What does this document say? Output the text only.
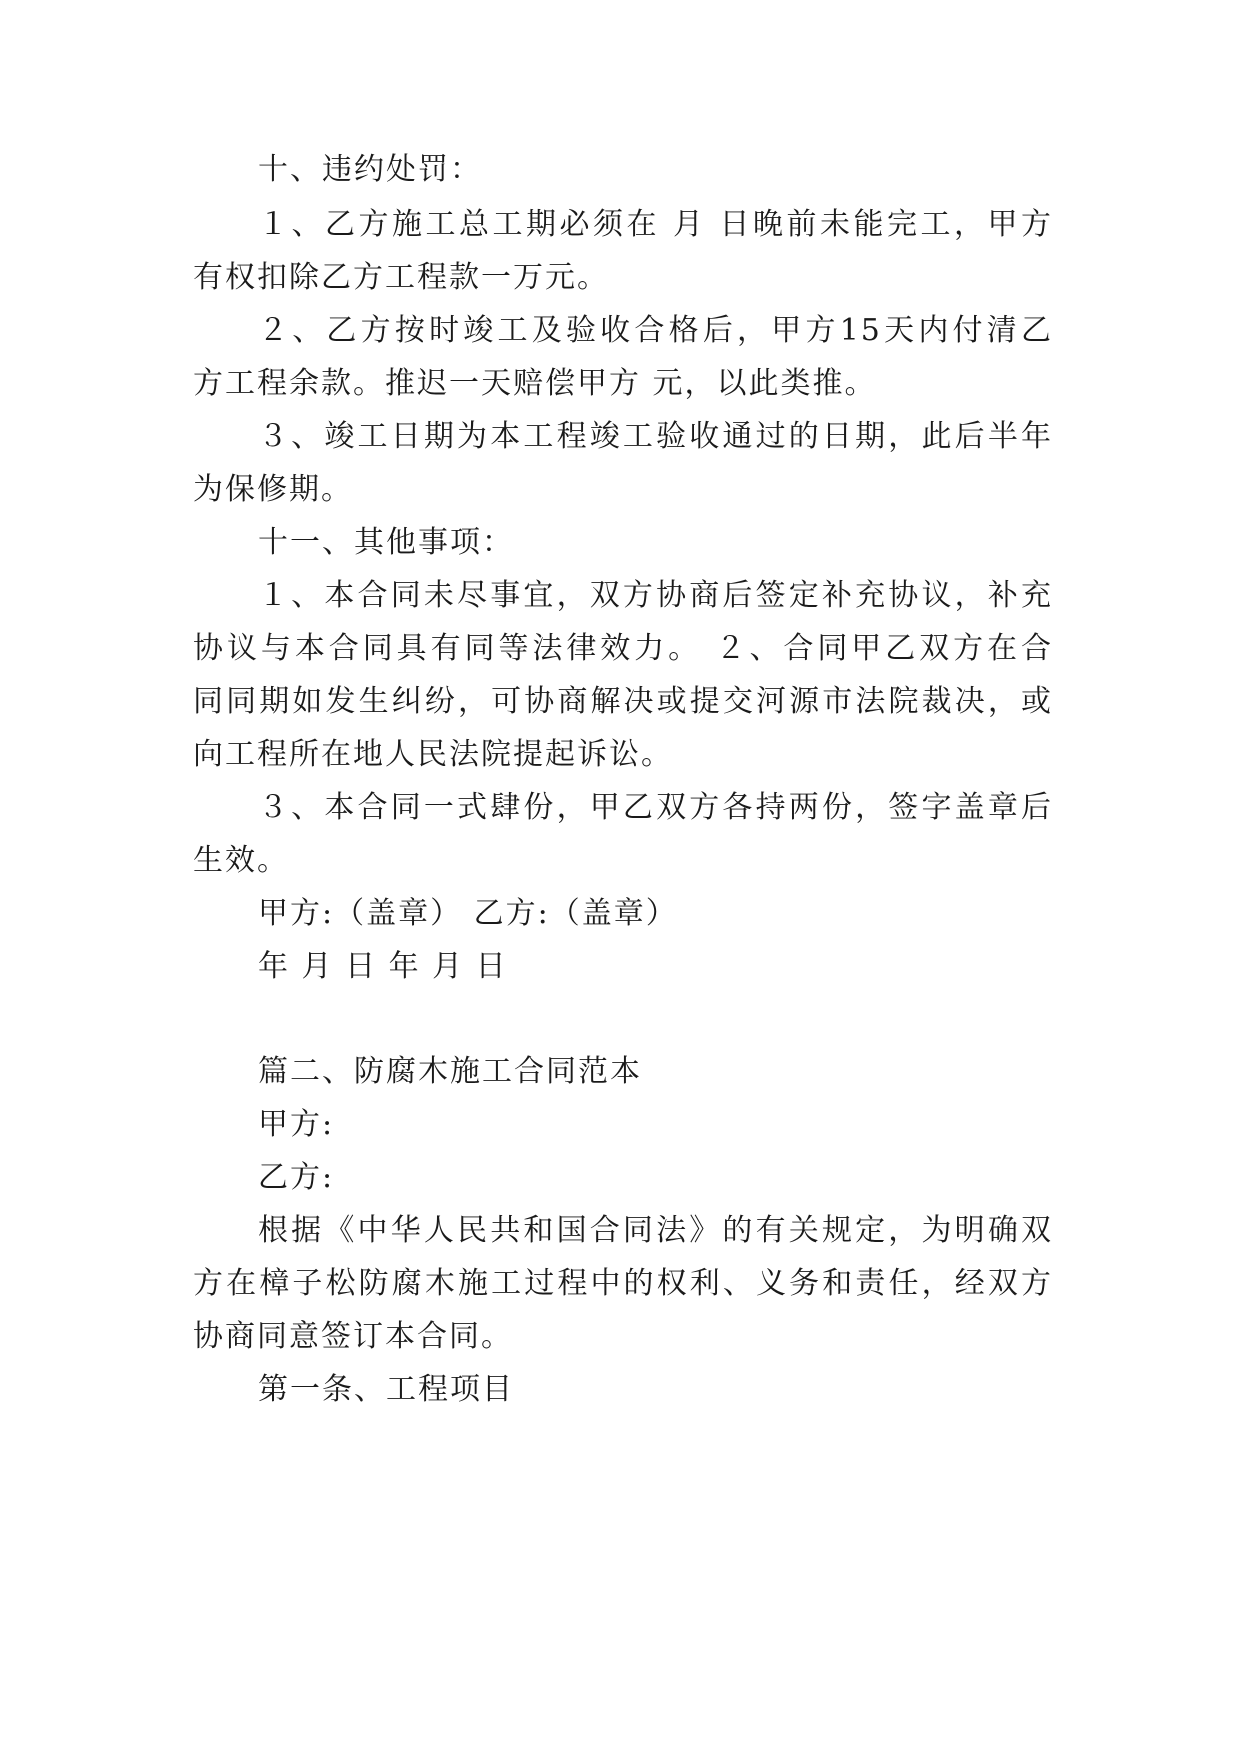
十、违约处罚：
１、乙方施工总工期必须在 月 日晚前未能完工，甲方
有权扣除乙方工程款一万元。
２、乙方按时竣工及验收合格后，甲方15天内付清乙
方工程余款。推迟一天赔偿甲方 元，以此类推。
３、竣工日期为本工程竣工验收通过的日期，此后半年
为保修期。
十一、其他事项：
１、本合同未尽事宜，双方协商后签定补充协议，补充
协议与本合同具有同等法律效力。 ２、合同甲乙双方在合
同同期如发生纠纷，可协商解决或提交河源市法院裁决，或
向工程所在地人民法院提起诉讼。
３、本合同一式肆份，甲乙双方各持两份，签字盖章后
生效。
甲方:（盖章） 乙方:（盖章）
年 月 日 年 月 日
篇二、防腐木施工合同范本
甲方:
乙方:
根据《中华人民共和国合同法》的有关规定，为明确双
方在樟子松防腐木施工过程中的权利、义务和责任，经双方
协商同意签订本合同。
第一条、工程项目
